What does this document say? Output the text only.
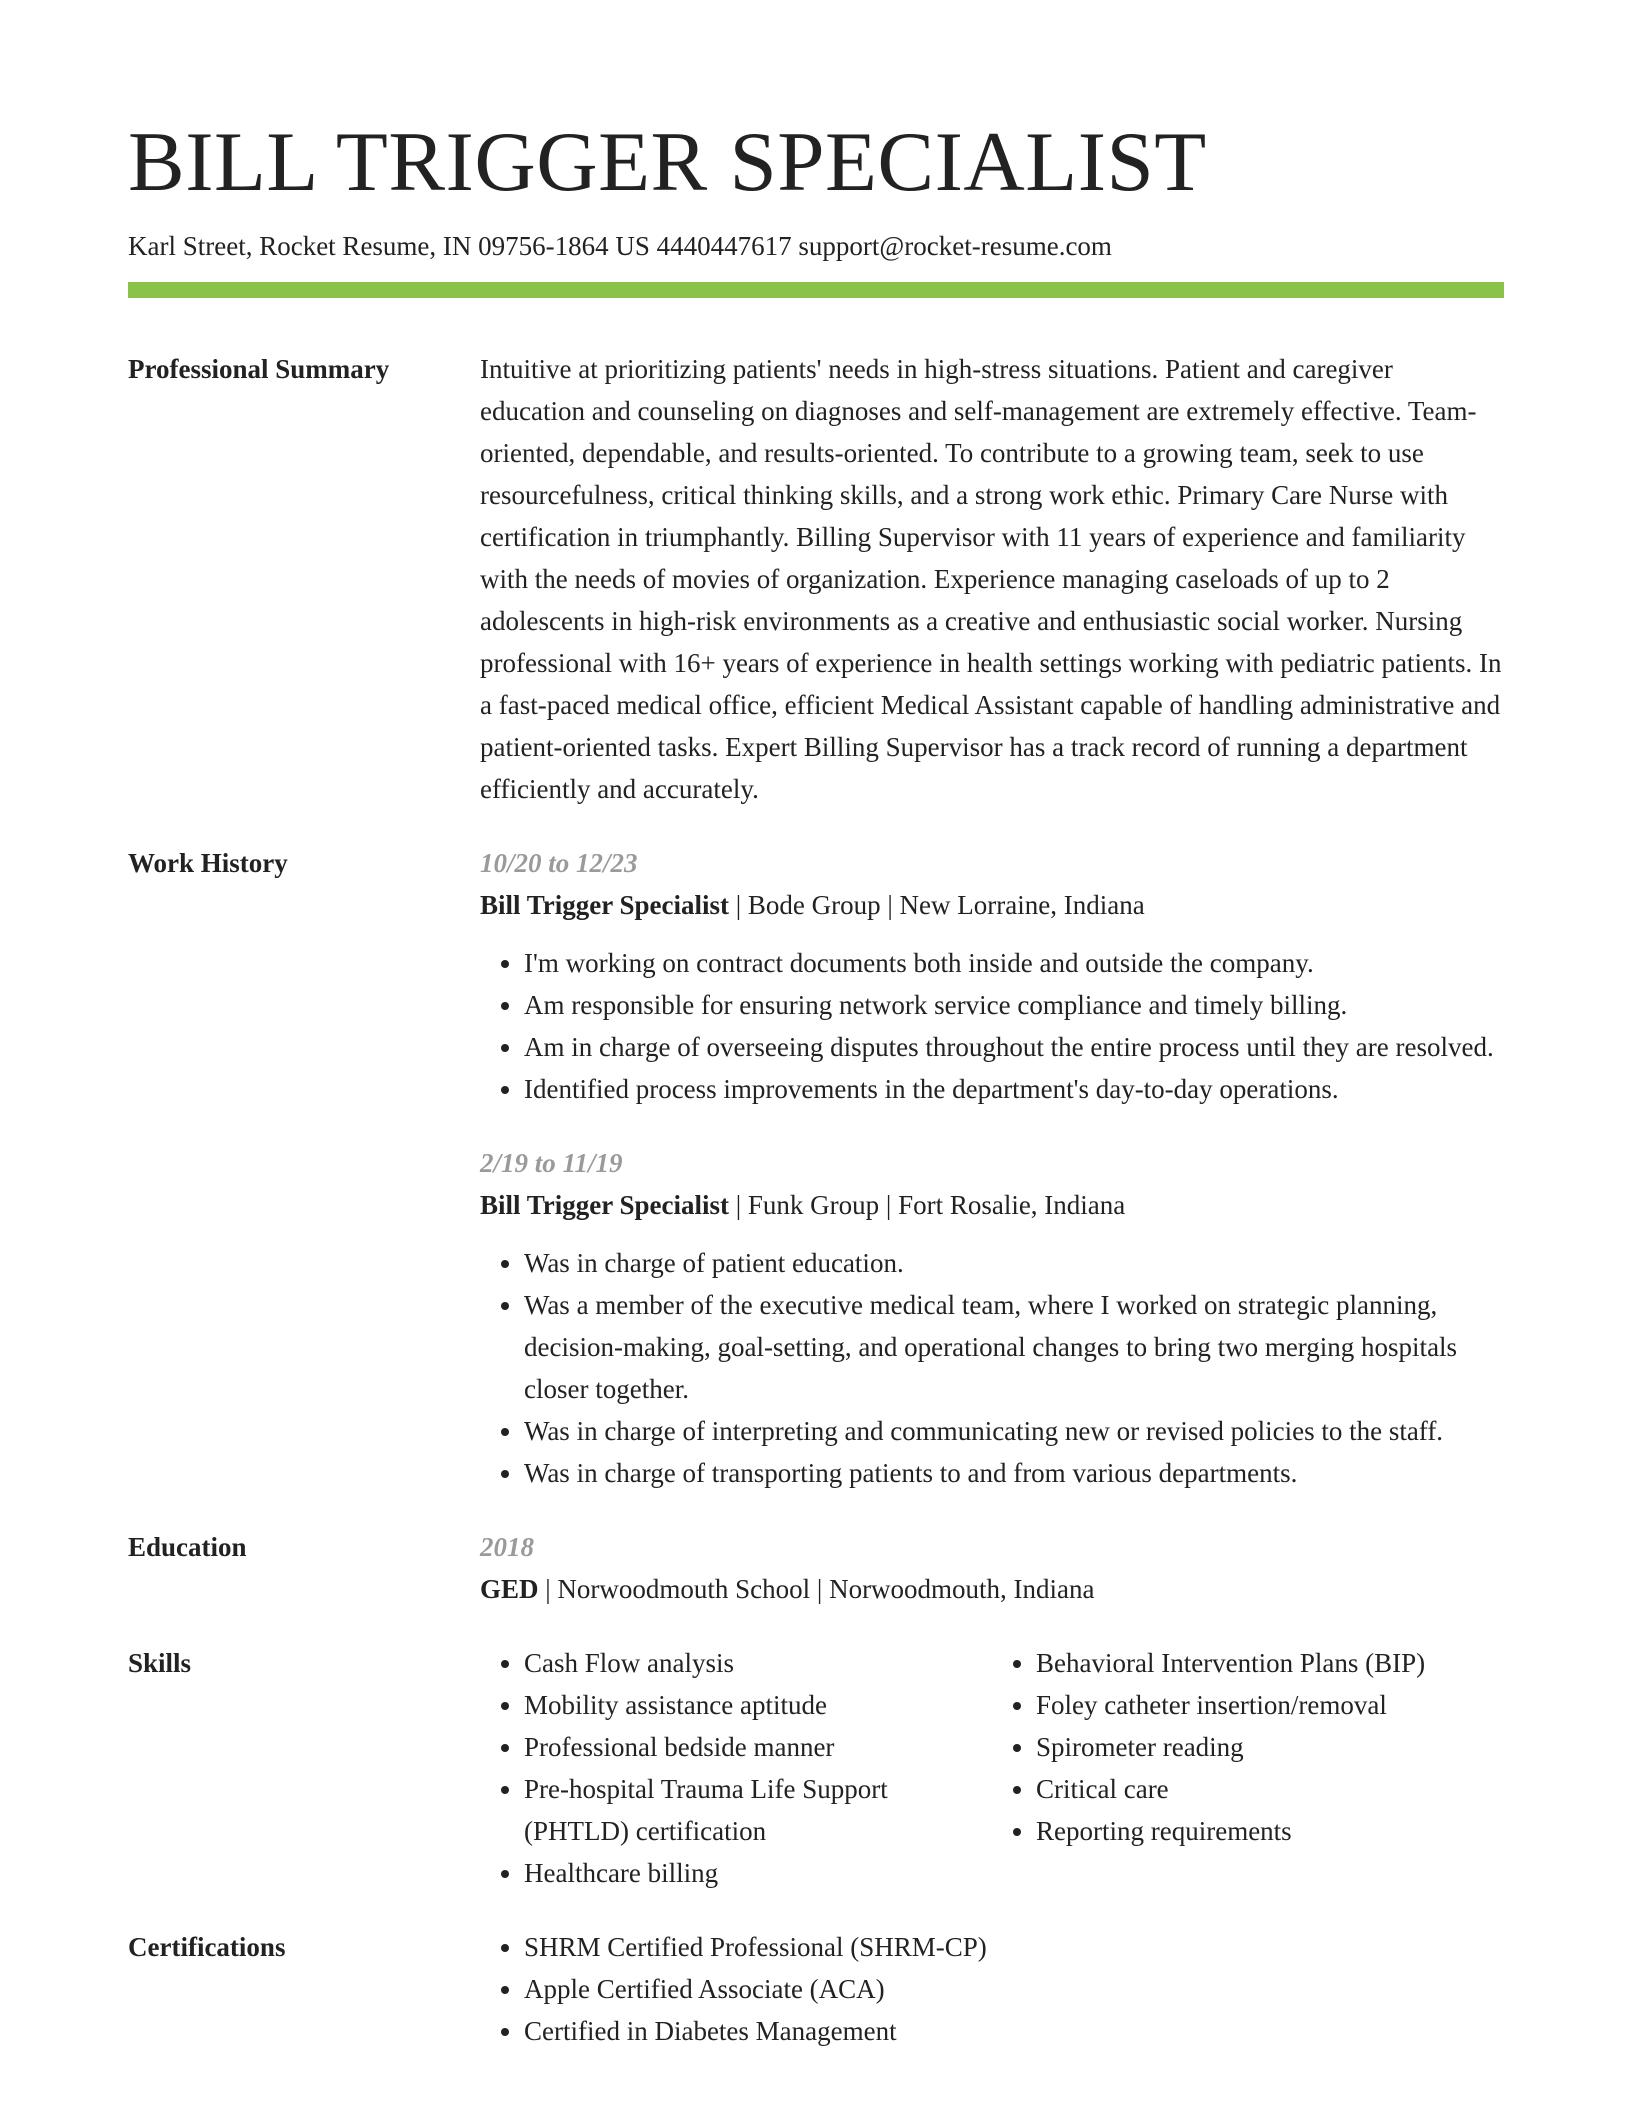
BILL TRIGGER SPECIALIST
Karl Street, Rocket Resume, IN 09756-1864 US 4440447617 support@rocket-resume.com
Professional Summary	Intuitive at prioritizing patients' needs in high-stress situations. Patient and caregiver education and counseling on diagnoses and self-management are extremely effective. Team-oriented, dependable, and results-oriented. To contribute to a growing team, seek to use resourcefulness, critical thinking skills, and a strong work ethic. Primary Care Nurse with certification in triumphantly. Billing Supervisor with 11 years of experience and familiarity with the needs of movies of organization. Experience managing caseloads of up to 2 adolescents in high-risk environments as a creative and enthusiastic social worker. Nursing professional with 16+ years of experience in health settings working with pediatric patients. In a fast-paced medical office, efficient Medical Assistant capable of handling administrative and patient-oriented tasks. Expert Billing Supervisor has a track record of running a department efficiently and accurately.
Work History	10/20 to 12/23
Bill Trigger Specialist | Bode Group | New Lorraine, Indiana
• I'm working on contract documents both inside and outside the company.
• Am responsible for ensuring network service compliance and timely billing.
• Am in charge of overseeing disputes throughout the entire process until they are resolved.
• Identified process improvements in the department's day-to-day operations.
2/19 to 11/19
Bill Trigger Specialist | Funk Group | Fort Rosalie, Indiana
• Was in charge of patient education.
• Was a member of the executive medical team, where I worked on strategic planning, decision-making, goal-setting, and operational changes to bring two merging hospitals closer together.
• Was in charge of interpreting and communicating new or revised policies to the staff.
• Was in charge of transporting patients to and from various departments.
Education	2018
GED | Norwoodmouth School | Norwoodmouth, Indiana
Skills	• Cash Flow analysis
• Mobility assistance aptitude
• Professional bedside manner
• Pre-hospital Trauma Life Support (PHTLD) certification
• Healthcare billing
• Behavioral Intervention Plans (BIP)
• Foley catheter insertion/removal
• Spirometer reading
• Critical care
• Reporting requirements
Certifications	• SHRM Certified Professional (SHRM-CP)
• Apple Certified Associate (ACA)
• Certified in Diabetes Management
